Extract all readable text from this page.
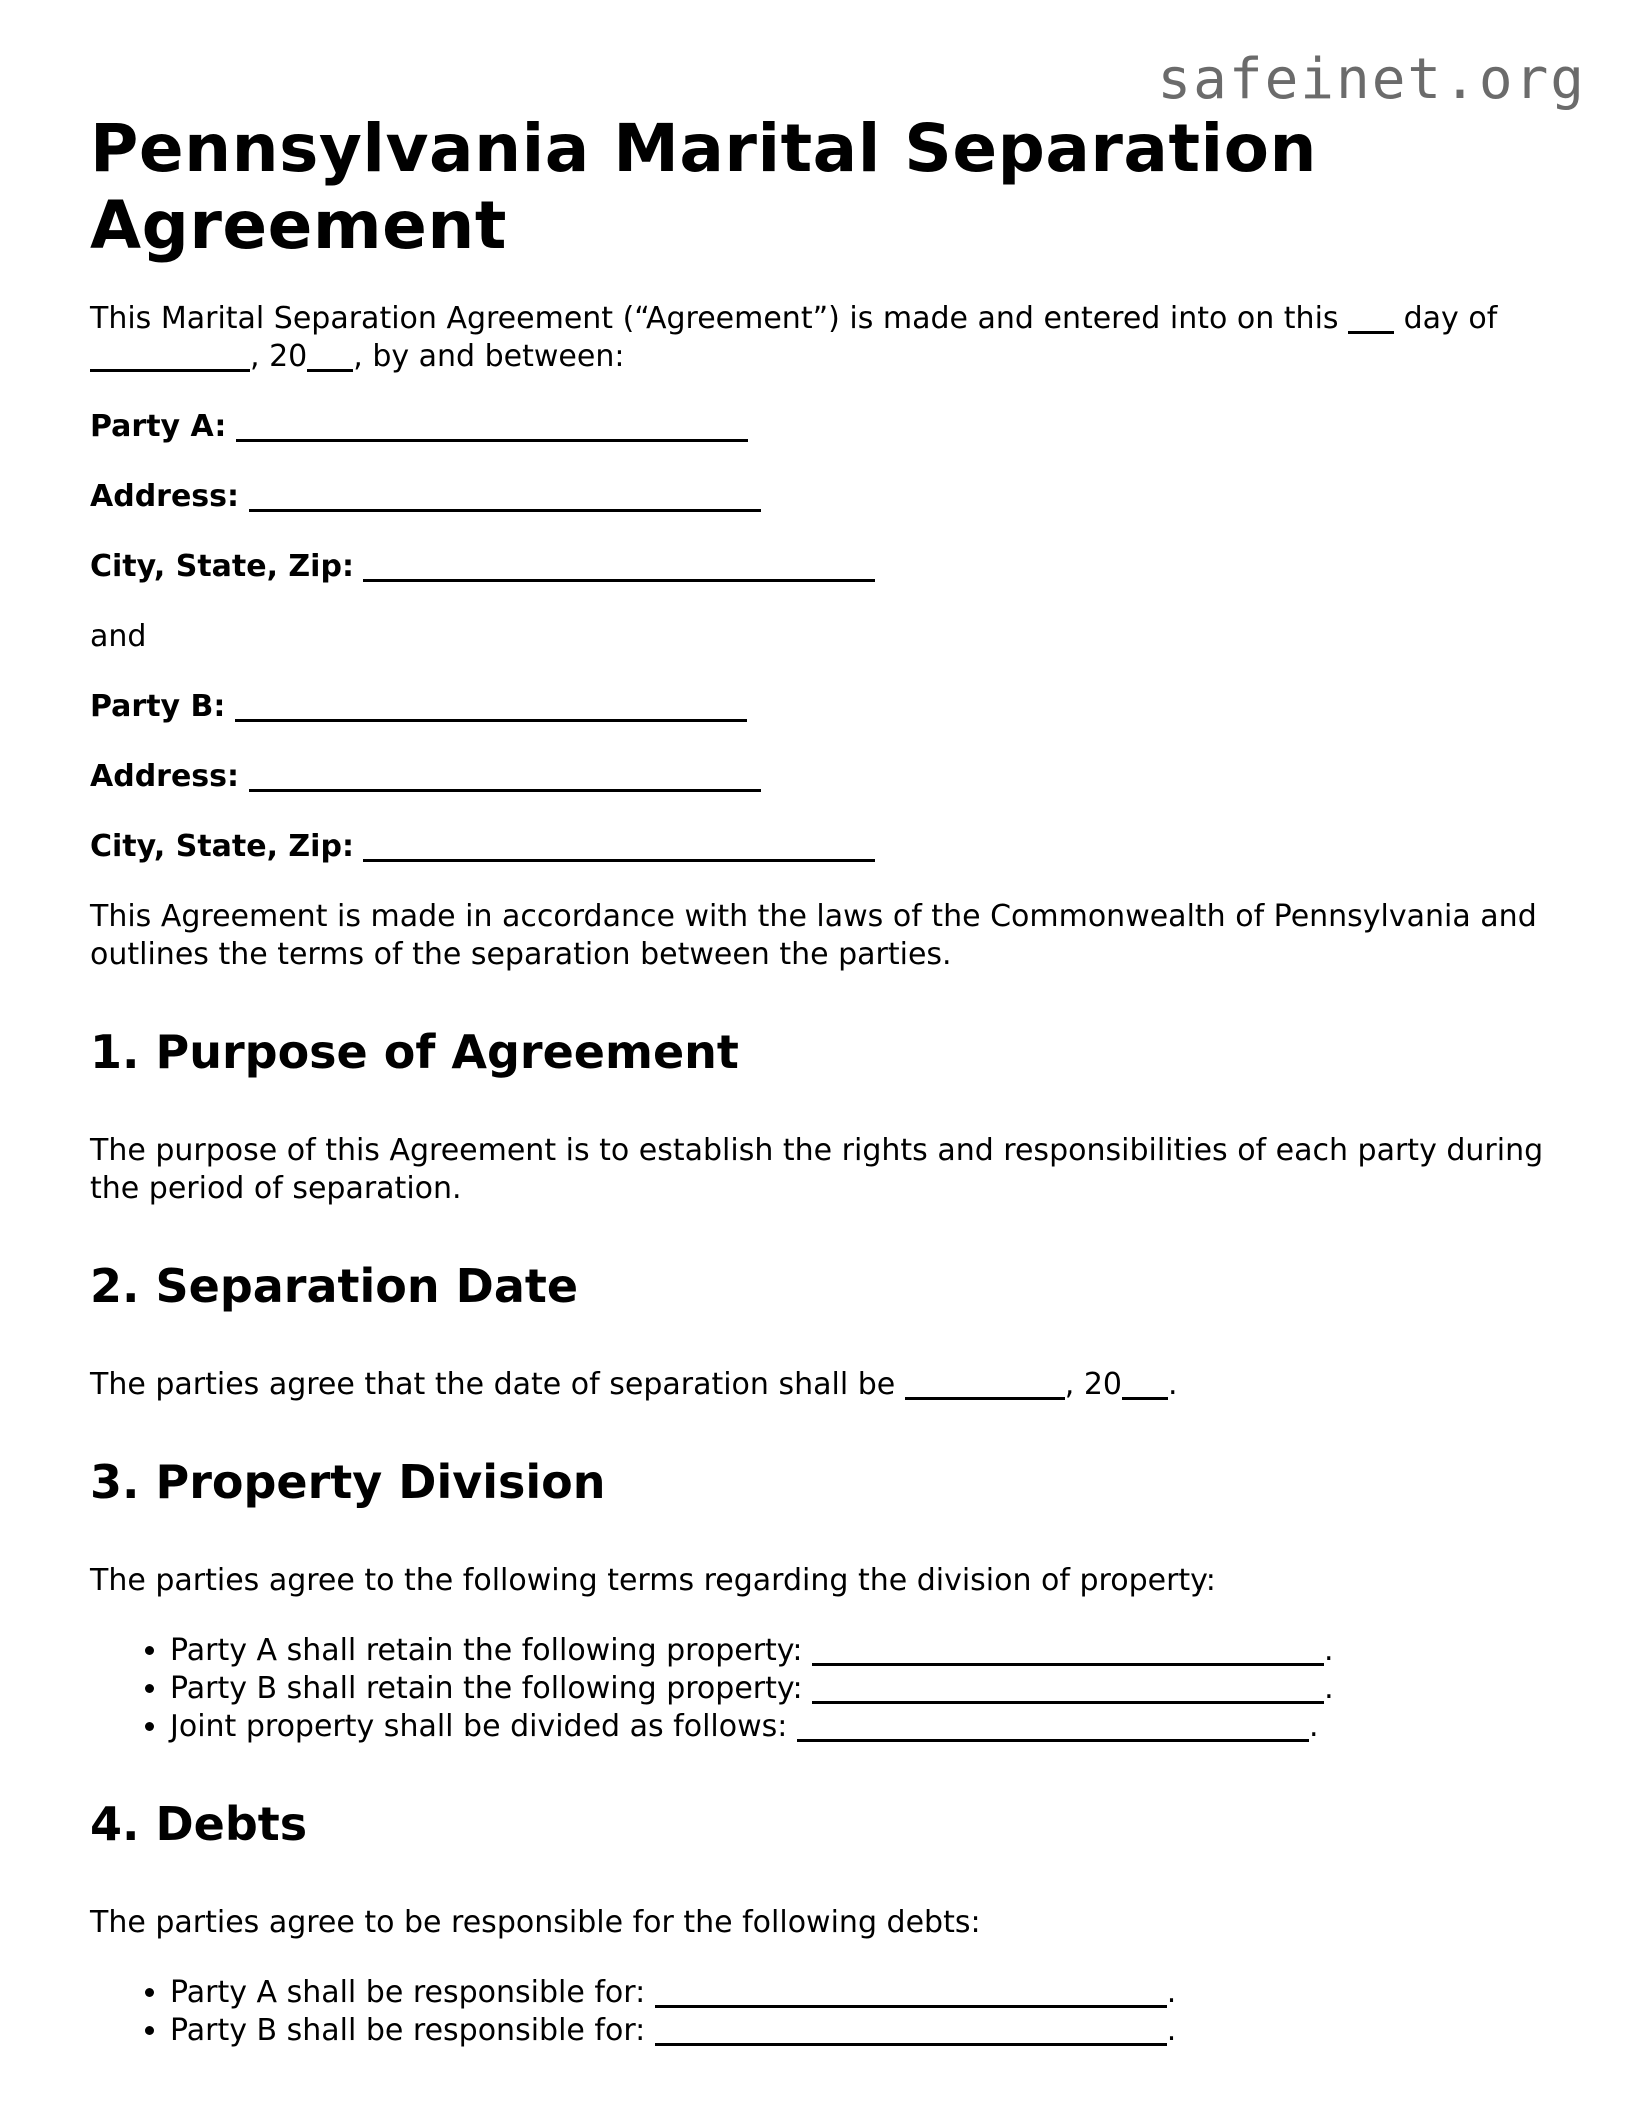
safeinet.org
Pennsylvania Marital Separation Agreement

This Marital Separation Agreement (“Agreement”) is made and entered into on this day of , 20 , by and between:

Party A:
Address:
City, State, Zip:

and

Party B:
Address:
City, State, Zip:

This Agreement is made in accordance with the laws of the Commonwealth of Pennsylvania and outlines the terms of the separation between the parties.

1. Purpose of Agreement

The purpose of this Agreement is to establish the rights and responsibilities of each party during the period of separation.

2. Separation Date

The parties agree that the date of separation shall be	, 20 .

3. Property Division

The parties agree to the following terms regarding the division of property:

• Party A shall retain the following property:	.
• Party B shall retain the following property:	.
• Joint property shall be divided as follows:	.
4. Debts

The parties agree to be responsible for the following debts:

• Party A shall be responsible for:	.
• Party B shall be responsible for:	.
